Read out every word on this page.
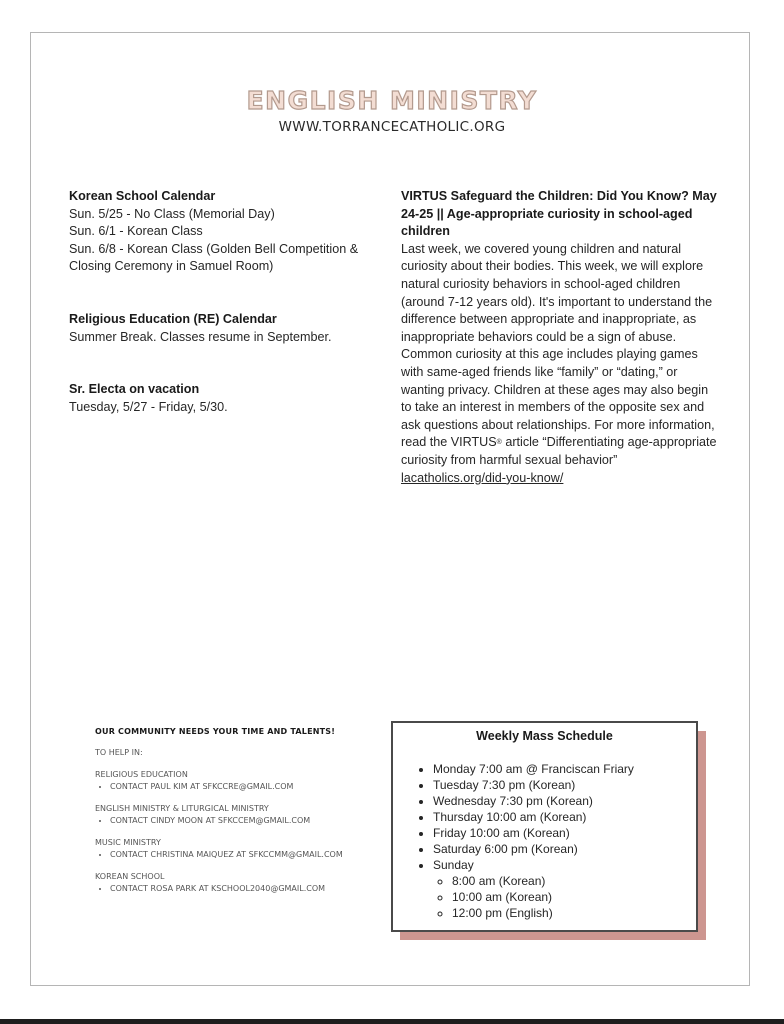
ENGLISH MINISTRY
WWW.TORRANCECATHOLIC.ORG
Korean School Calendar
Sun. 5/25 - No Class (Memorial Day)
Sun. 6/1 - Korean Class
Sun. 6/8 - Korean Class (Golden Bell Competition & Closing Ceremony in Samuel Room)
Religious Education (RE) Calendar
Summer Break. Classes resume in September.
Sr. Electa on vacation
Tuesday, 5/27 - Friday, 5/30.
VIRTUS Safeguard the Children: Did You Know? May 24-25 || Age-appropriate curiosity in school-aged children
Last week, we covered young children and natural curiosity about their bodies. This week, we will explore natural curiosity behaviors in school-aged children (around 7-12 years old). It's important to understand the difference between appropriate and inappropriate, as inappropriate behaviors could be a sign of abuse. Common curiosity at this age includes playing games with same-aged friends like “family” or “dating,” or wanting privacy. Children at these ages may also begin to take an interest in members of the opposite sex and ask questions about relationships. For more information, read the VIRTUS® article “Differentiating age-appropriate curiosity from harmful sexual behavior” lacatholics.org/did-you-know/
OUR COMMUNITY NEEDS YOUR TIME AND TALENTS!
TO HELP IN:
RELIGIOUS EDUCATION
• CONTACT PAUL KIM AT SFKCCRE@GMAIL.COM
ENGLISH MINISTRY & LITURGICAL MINISTRY
• CONTACT CINDY MOON AT SFKCCEM@GMAIL.COM
MUSIC MINISTRY
• CONTACT CHRISTINA MAIQUEZ AT SFKCCMM@GMAIL.COM
KOREAN SCHOOL
• CONTACT ROSA PARK AT KSCHOOL2040@GMAIL.COM
Weekly Mass Schedule
• Monday 7:00 am @ Franciscan Friary
• Tuesday 7:30 pm (Korean)
• Wednesday 7:30 pm (Korean)
• Thursday 10:00 am (Korean)
• Friday 10:00 am (Korean)
• Saturday 6:00 pm (Korean)
• Sunday
◦ 8:00 am (Korean)
◦ 10:00 am (Korean)
◦ 12:00 pm (English)
